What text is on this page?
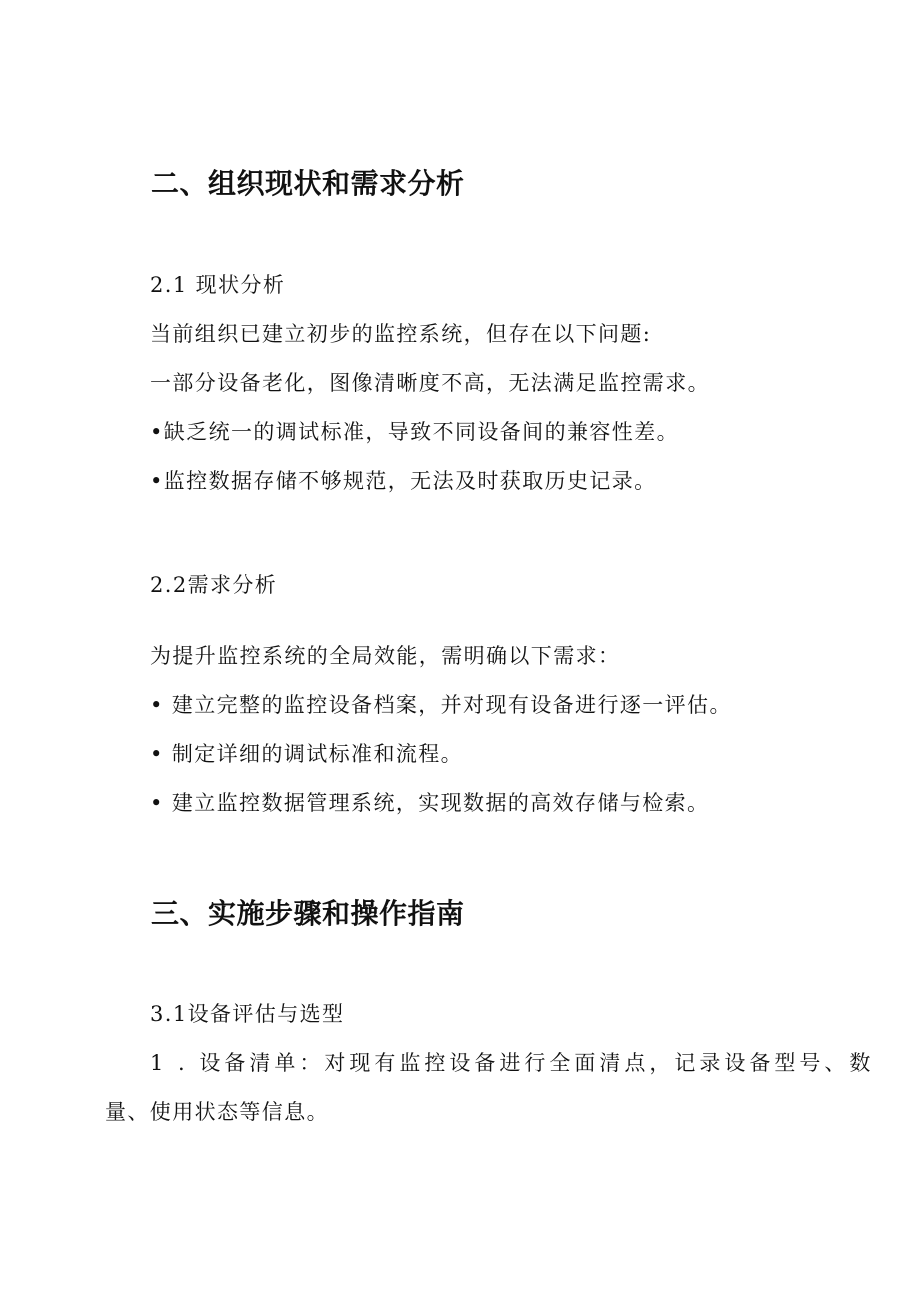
二、组织现状和需求分析

2.1 现状分析

当前组织已建立初步的监控系统，但存在以下问题:

一部分设备老化，图像清晰度不高，无法满足监控需求。

•缺乏统一的调试标准，导致不同设备间的兼容性差。

•监控数据存储不够规范，无法及时获取历史记录。

2.2需求分析

为提升监控系统的全局效能，需明确以下需求：

• 建立完整的监控设备档案，并对现有设备进行逐一评估。

• 制定详细的调试标准和流程。

• 建立监控数据管理系统，实现数据的高效存储与检索。

三、实施步骤和操作指南

3.1设备评估与选型

1 . 设备清单：对现有监控设备进行全面清点，记录设备型号、数

量、使用状态等信息。
